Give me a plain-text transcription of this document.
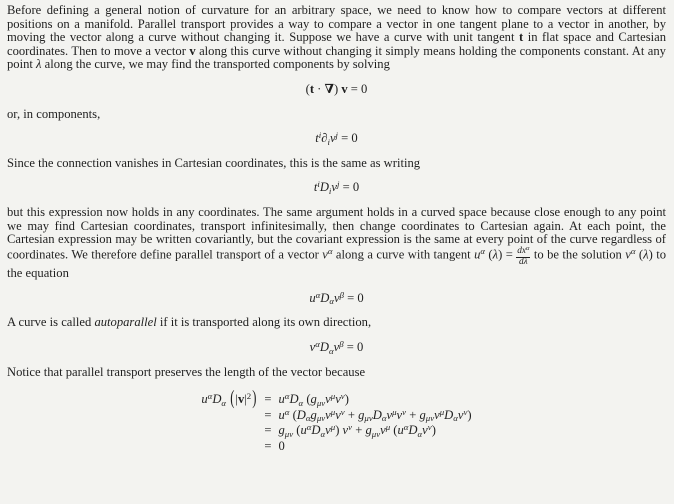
Before defining a general notion of curvature for an arbitrary space, we need to know how to compare vectors at different positions on a manifold. Parallel transport provides a way to compare a vector in one tangent plane to a vector in another, by moving the vector along a curve without changing it. Suppose we have a curve with unit tangent t in flat space and Cartesian coordinates. Then to move a vector v along this curve without changing it simply means holding the components constant. At any point λ along the curve, we may find the transported components by solving

(t · ∇) v = 0

or, in components,

$t^i\partial iv^j = 0$

Since the connection vanishes in Cartesian coordinates, this is the same as writing

$t^iDiv^j = 0$

but this expression now holds in any coordinates. The same argument holds in a curved space because close enough to any point we may find Cartesian coordinates, transport infinitesimally, then change coordinates to Cartesian again. At each point, the Cartesian expression may be written covariantly, but the covariant expression is the same at every point of the curve regardless of coordinates. We therefore define parallel transport of a vector $v^\alpha$ along a curve with tangent $u^\alpha$ $(\lambda) = \frac{dx^\alpha}{d\lambda}$ to be the solution $v^\alpha$ (λ) to the equation

$u^\alpha D\alpha v^\beta = 0$

A curve is called autoparallel if it is transported along its own direction,

$v^\alpha D\alpha v^\beta = 0$

Notice that parallel transport preserves the length of the vector because

$u^\alpha D\alpha$ $(|v|^2)$	=	$u^\alpha D\alpha$ $(g\mu\nu v^\mu v^\nu)$
	=	$u^\alpha$ $(D\alpha g\mu\nu v^\mu v^\nu + g\mu\nu D\alpha v^\mu v^\nu + g\mu\nu v^\mu D\alpha v^\nu)$
	=	gμν $(u^\alpha D\alpha v^\mu) v^\nu + g\mu\nu v^\mu$ $(u^\alpha D\alpha v^\nu)$
	=	0
